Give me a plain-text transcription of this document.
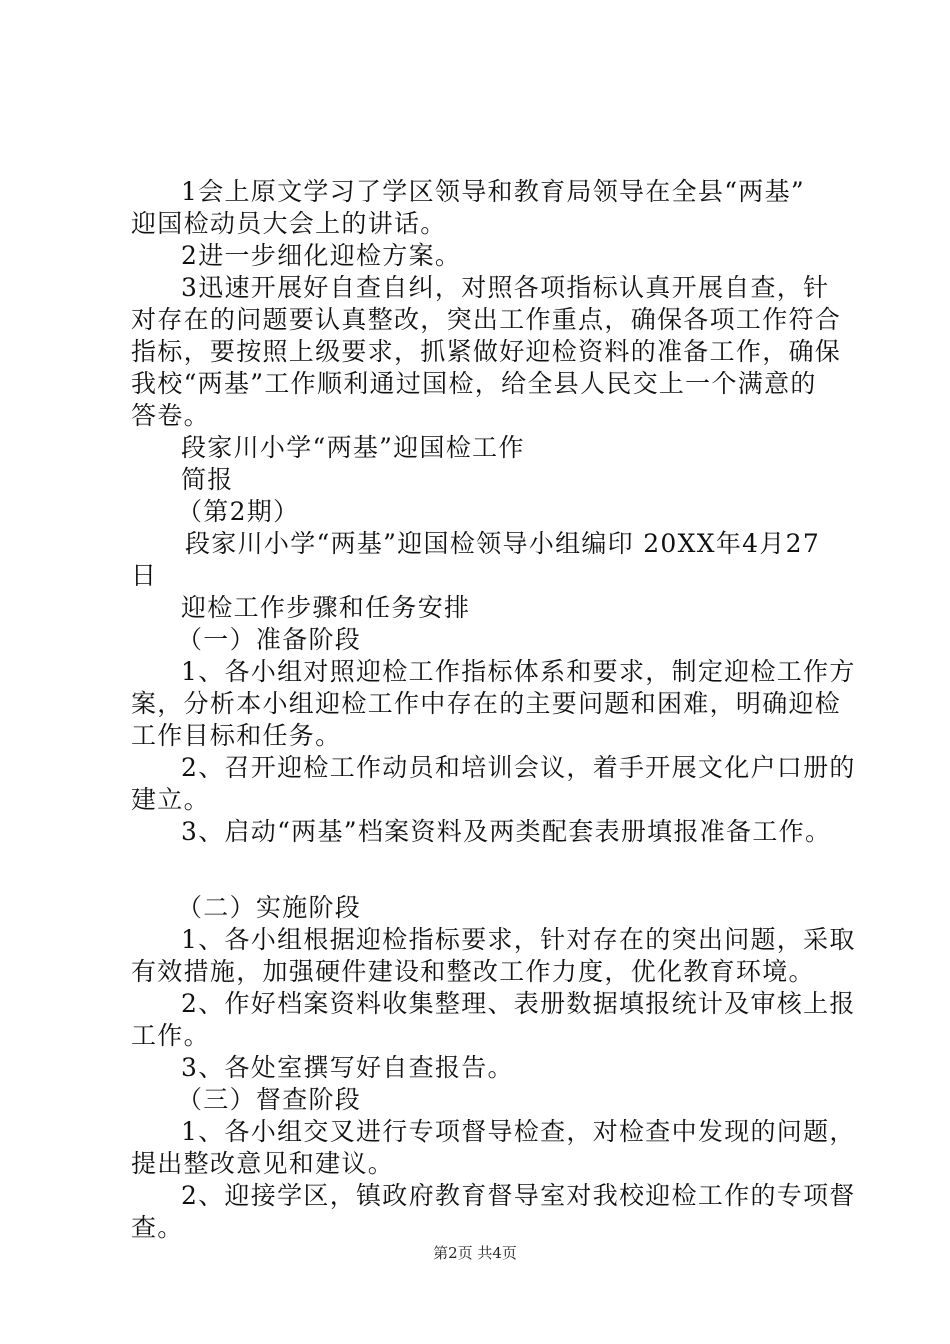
1会上原文学习了学区领导和教育局领导在全县“两基”
迎国检动员大会上的讲话。
2进一步细化迎检方案。
3迅速开展好自查自纠，对照各项指标认真开展自查，针
对存在的问题要认真整改，突出工作重点，确保各项工作符合
指标，要按照上级要求，抓紧做好迎检资料的准备工作，确保
我校“两基”工作顺利通过国检，给全县人民交上一个满意的
答卷。
段家川小学“两基”迎国检工作
简报
（第2期）
段家川小学“两基”迎国检领导小组编印 20XX年4月27
日
迎检工作步骤和任务安排
（一）准备阶段
1、各小组对照迎检工作指标体系和要求，制定迎检工作方
案，分析本小组迎检工作中存在的主要问题和困难，明确迎检
工作目标和任务。
2、召开迎检工作动员和培训会议，着手开展文化户口册的
建立。
3、启动“两基”档案资料及两类配套表册填报准备工作。
（二）实施阶段
1、各小组根据迎检指标要求，针对存在的突出问题，采取
有效措施，加强硬件建设和整改工作力度，优化教育环境。
2、作好档案资料收集整理、表册数据填报统计及审核上报
工作。
3、各处室撰写好自查报告。
（三）督查阶段
1、各小组交叉进行专项督导检查，对检查中发现的问题，
提出整改意见和建议。
2、迎接学区，镇政府教育督导室对我校迎检工作的专项督
查。
第2页 共4页
